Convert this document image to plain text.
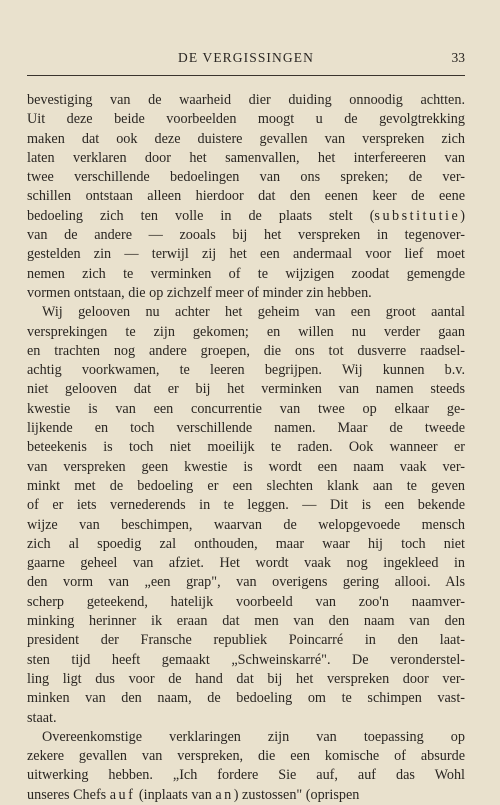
DE VERGISSINGEN	33
bevestiging van de waarheid dier duiding onnoodig achtten.
Uit deze beide voorbeelden moogt u de gevolgtrekking
maken dat ook deze duistere gevallen van verspreken zich
laten verklaren door het samenvallen, het interfereeren van
twee verschillende bedoelingen van ons spreken; de ver-
schillen ontstaan alleen hierdoor dat den eenen keer de eene
bedoeling zich ten volle in de plaats stelt (substitutie)
van de andere — zooals bij het verspreken in tegenover-
gestelden zin — terwijl zij het een andermaal voor lief moet
nemen zich te verminken of te wijzigen zoodat gemengde
vormen ontstaan, die op zichzelf meer of minder zin hebben.
Wij gelooven nu achter het geheim van een groot aantal
versprekingen te zijn gekomen; en willen nu verder gaan
en trachten nog andere groepen, die ons tot dusverre raadsel-
achtig voorkwamen, te leeren begrijpen. Wij kunnen b.v.
niet gelooven dat er bij het verminken van namen steeds
kwestie is van een concurrentie van twee op elkaar ge-
lijkende en toch verschillende namen. Maar de tweede
beteekenis is toch niet moeilijk te raden. Ook wanneer er
van verspreken geen kwestie is wordt een naam vaak ver-
minkt met de bedoeling er een slechten klank aan te geven
of er iets vernederends in te leggen. — Dit is een bekende
wijze van beschimpen, waarvan de welopgevoede mensch
zich al spoedig zal onthouden, maar waar hij toch niet
gaarne geheel van afziet. Het wordt vaak nog ingekleed in
den vorm van „een grap", van overigens gering allooi. Als
scherp geteekend, hatelijk voorbeeld van zoo'n naamver-
minking herinner ik eraan dat men van den naam van den
president der Fransche republiek Poincarré in den laat-
sten tijd heeft gemaakt „Schweinskarré". De veronderstel-
ling ligt dus voor de hand dat bij het verspreken door ver-
minken van den naam, de bedoeling om te schimpen vast-
staat.
Overeenkomstige verklaringen zijn van toepassing op
zekere gevallen van verspreken, die een komische of absurde
uitwerking hebben. „Ich fordere Sie auf, auf das Wohl
unseres Chefs auf (inplaats van an) zustossen" (oprispen
